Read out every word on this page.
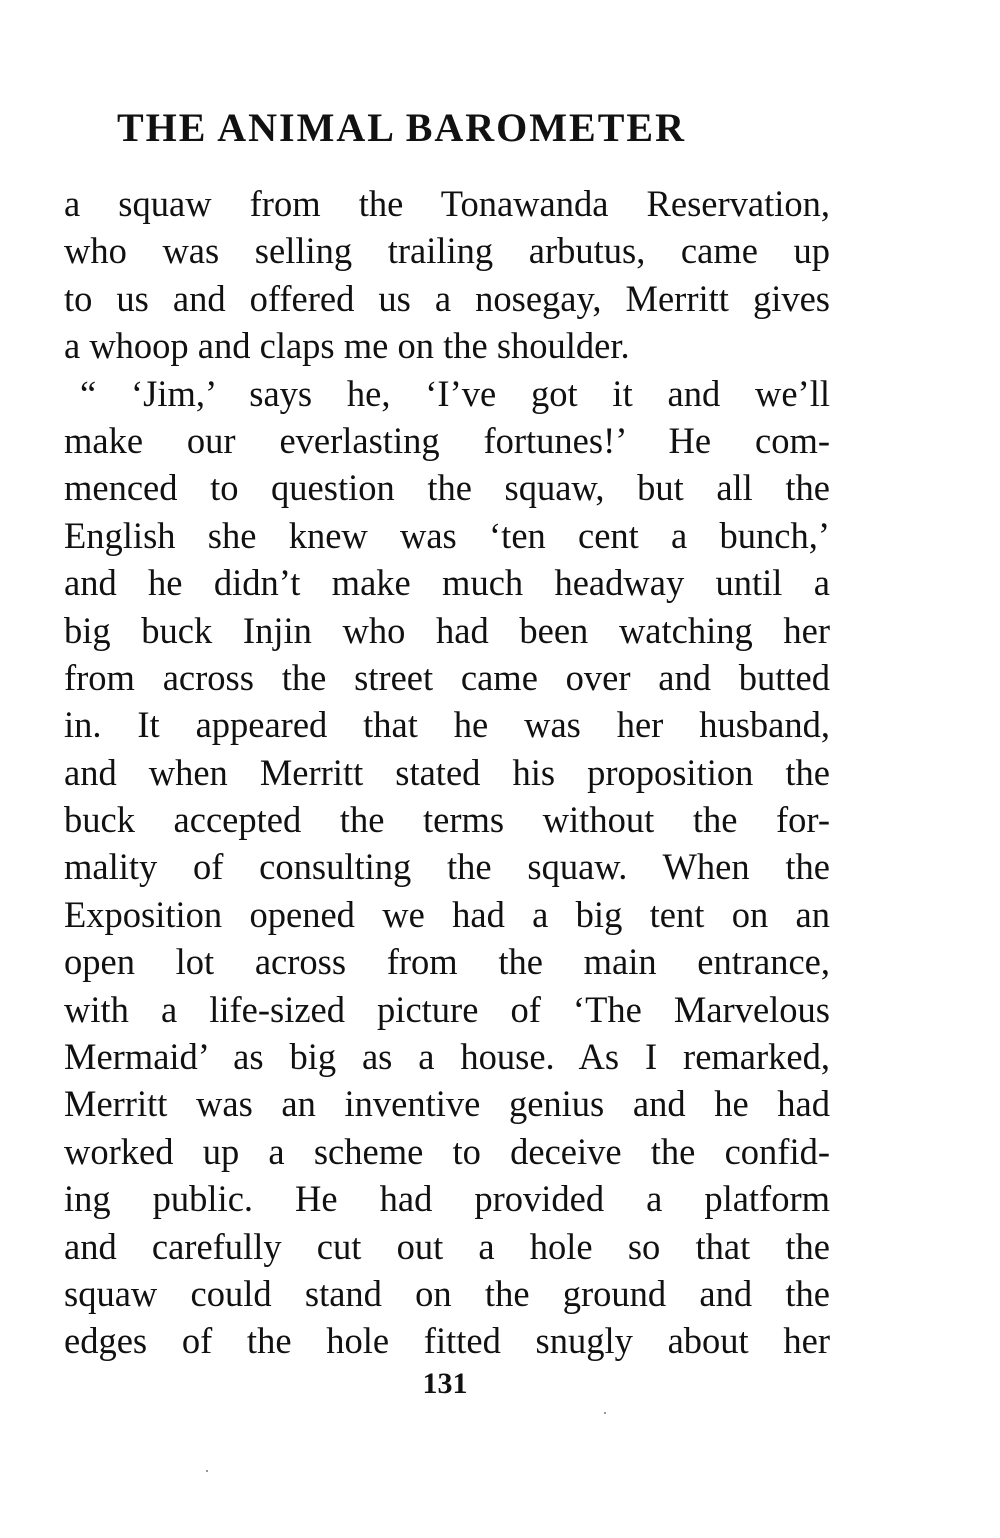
THE ANIMAL BAROMETER
a squaw from the Tonawanda Reservation,
who was selling trailing arbutus, came up
to us and offered us a nosegay, Merritt gives
a whoop and claps me on the shoulder.
“ ‘Jim,’ says he, ‘I’ve got it and we’ll
make our everlasting fortunes!’ He com-
menced to question the squaw, but all the
English she knew was ‘ten cent a bunch,’
and he didn’t make much headway until a
big buck Injin who had been watching her
from across the street came over and butted
in. It appeared that he was her husband,
and when Merritt stated his proposition the
buck accepted the terms without the for-
mality of consulting the squaw. When the
Exposition opened we had a big tent on an
open lot across from the main entrance,
with a life-sized picture of ‘The Marvelous
Mermaid’ as big as a house. As I remarked,
Merritt was an inventive genius and he had
worked up a scheme to deceive the confid-
ing public. He had provided a platform
and carefully cut out a hole so that the
squaw could stand on the ground and the
edges of the hole fitted snugly about her
131
